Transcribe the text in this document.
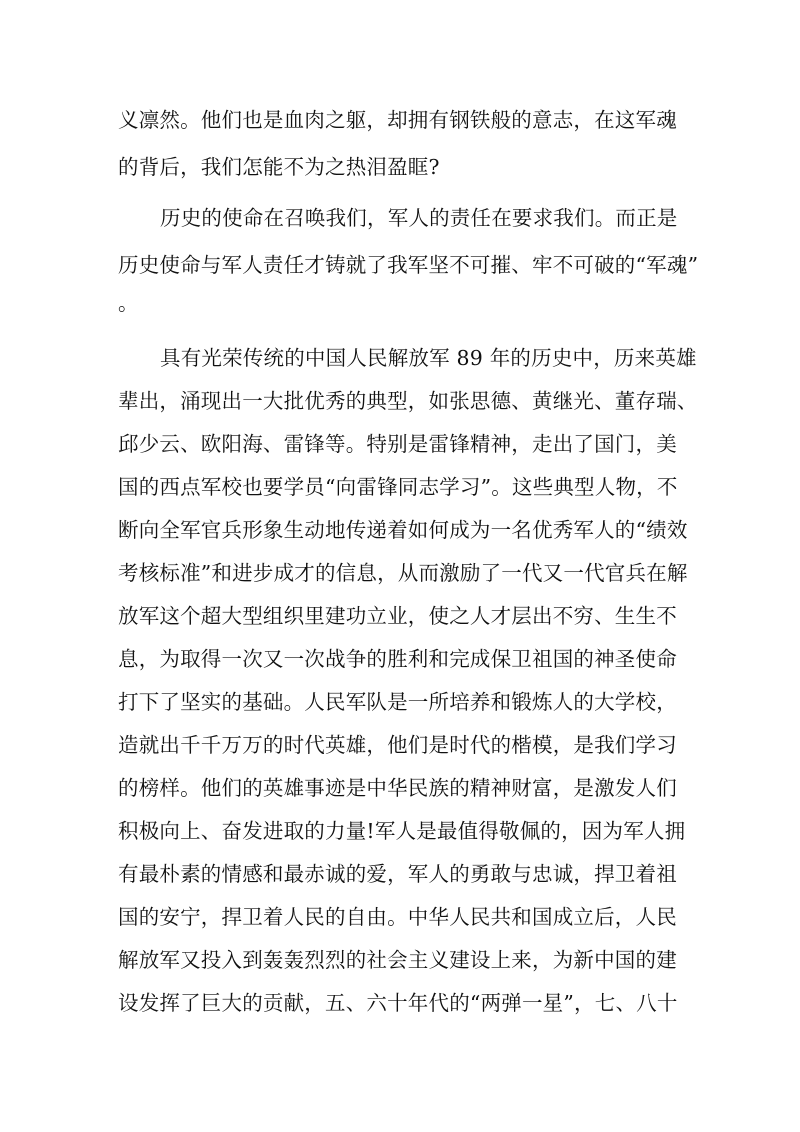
义凛然。他们也是血肉之躯，却拥有钢铁般的意志，在这军魂
的背后，我们怎能不为之热泪盈眶?
历史的使命在召唤我们，军人的责任在要求我们。而正是
历史使命与军人责任才铸就了我军坚不可摧、牢不可破的“军魂”
。
具有光荣传统的中国人民解放军 89 年的历史中，历来英雄
辈出，涌现出一大批优秀的典型，如张思德、黄继光、董存瑞、
邱少云、欧阳海、雷锋等。特别是雷锋精神，走出了国门，美
国的西点军校也要学员“向雷锋同志学习”。这些典型人物，不
断向全军官兵形象生动地传递着如何成为一名优秀军人的“绩效
考核标准”和进步成才的信息，从而激励了一代又一代官兵在解
放军这个超大型组织里建功立业，使之人才层出不穷、生生不
息，为取得一次又一次战争的胜利和完成保卫祖国的神圣使命
打下了坚实的基础。人民军队是一所培养和锻炼人的大学校，
造就出千千万万的时代英雄，他们是时代的楷模，是我们学习
的榜样。他们的英雄事迹是中华民族的精神财富，是激发人们
积极向上、奋发进取的力量!军人是最值得敬佩的，因为军人拥
有最朴素的情感和最赤诚的爱，军人的勇敢与忠诚，捍卫着祖
国的安宁，捍卫着人民的自由。中华人民共和国成立后，人民
解放军又投入到轰轰烈烈的社会主义建设上来，为新中国的建
设发挥了巨大的贡献，五、六十年代的“两弹一星”，七、八十
